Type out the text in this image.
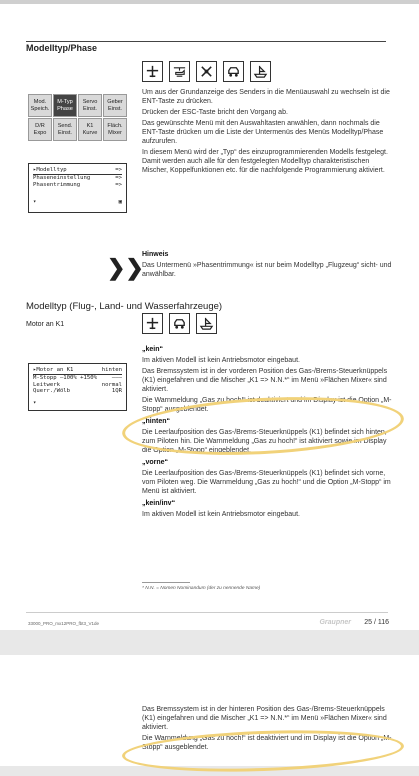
Modelltyp/Phase
Mod.
Speich.
M-Typ
Phase
Servo
Einst.
Geber
Einst.
D/R
Expo
Send.
Einst.
K1
Kurve
Fläch.
Mixer
▸Modelltyp	=>
Phaseneinstellung	=>
Phasentrimmung	=>
▾	▣

Um aus der Grundanzeige des Senders in die Menüauswahl zu wechseln ist die ENT-Taste zu drücken.

Drücken der ESC-Taste bricht den Vorgang ab.

Das gewünschte Menü mit den Auswahltasten anwählen, dann nochmals die ENT-Taste drücken um die Liste der Untermenüs des Menüs Modelltyp/Phase aufzurufen.

In diesem Menü wird der „Typ“ des einzuprogrammierenden Modells festgelegt. Damit werden auch alle für den festgelegten Modelltyp charakteristischen Mischer, Koppelfunktionen etc. für die nachfolgende Programmierung aktiviert.

❯❯

Hinweis

Das Untermenü »Phasentrimmung« ist nur beim Modelltyp „Flugzeug“ sicht- und anwählbar.

Modelltyp (Flug-, Land- und Wasserfahrzeuge)
Motor an K1
▸Motor an K1	hinten
M-Stopp –100% +150%	–––
Leitwerk	normal
Querr./Wölb	1QR
▾

„kein“

Im aktiven Modell ist kein Antriebsmotor eingebaut.

Das Bremssystem ist in der vorderen Position des Gas-/Brems-Steuerknüppels (K1) eingefahren und die Mischer „K1 => N.N.*“ im Menü »Flächen Mixer« sind aktiviert.

Die Warnmeldung „Gas zu hoch!“ ist deaktiviert und im Display ist die Option „M-Stopp“ ausgeblendet.

„hinten“

Die Leerlaufposition des Gas-/Brems-Steuerknüppels (K1) befindet sich hinten, zum Piloten hin. Die Warnmeldung „Gas zu hoch!“ ist aktiviert sowie im Display die Option „M-Stopp“ eingeblendet.

„vorne“

Die Leerlaufposition des Gas-/Brems-Steuerknüppels (K1) befindet sich vorne, vom Piloten weg. Die Warnmeldung „Gas zu hoch!“ und die Option „M-Stopp“ im Menü ist aktiviert.

„kein/inv“

Im aktiven Modell ist kein Antriebsmotor eingebaut.

* N.N. = Nomen Nominandum (der zu nennende Name)
33000_PRO_mx12PRO_fbt3_V1de	Graupner 25 / 116

Das Bremssystem ist in der hinteren Position des Gas-/Brems-Steuerknüppels (K1) eingefahren und die Mischer „K1 => N.N.*“ im Menü »Flächen Mixer« sind aktiviert.

Die Warnmeldung „Gas zu hoch!“ ist deaktiviert und im Display ist die Option „M-Stopp“ ausgeblendet.
